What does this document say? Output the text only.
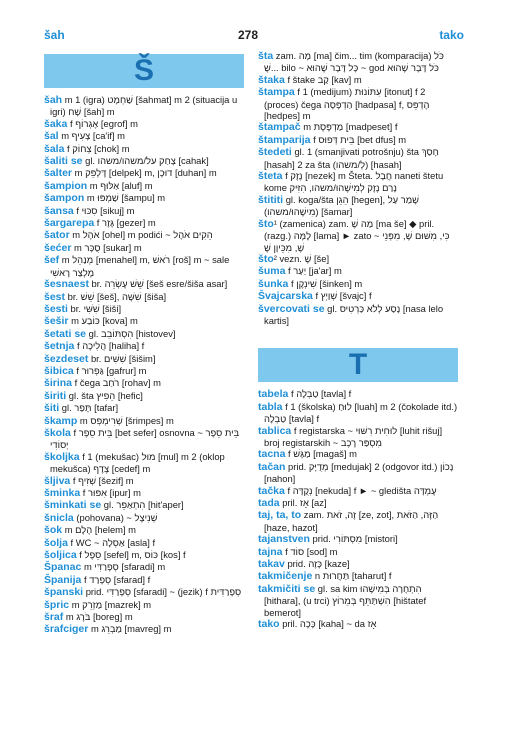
šah	278	tako
Š

šah m 1 (igra) שַׁחְמָט [šahmat] m 2 (situacija u igri) שָׁח [šah] m

šaka f אֶגְרוֹף [egrof] m

šal m צָעִיף [ca'if] m

šala f צְחוֹק [chok] m

šaliti se gl. צָחַק על/משהו/משהו [cahak]

šalter m דֶּלְפֵּק [delpek] m, דוּכָן [duhan] m

šampion m אַלּוּף [aluf] m

šampon m שַׁמְפּוּ [šampu] m

šansa f סִכּוּי [sikuj] m

šargarepa f גֶּזֶר [gezer] m

šator m אֹהֶל [ohel] m podići ~ הֵקִים אֹהֶל

šećer m סֻכָּר [sukar] m

šef m מְנַהֵל [menahel] m, רֹאשׁ [roš] m ~ sale מֶלְצַר רָאשִׁי

šesnaest br. שֵׁשׁ עֶשְׂרֵה [šeš esre/šiša asar]

šest br. שֵׁשׁ [šeš], שִׁשָּׁה [šiša]

šesti br. שִׁשִּׁי [šiši]

šešir m כּוֹבַע [kova] m

šetati se gl. הִסְתּוֹבֵב [histovev]

šetnja f הֲלִיכָה [haliha] f

šezdeset br. שִׁשִּׁים [šišim]

šibica f גַּפְרוּר [gafrur] m

širina f čega רֹחַב [rohav] m

širiti gl. šta הֵפִיץ [hefic]

šiti gl. תָּפַר [tafar]

škamp m שְׁרִימְפְּס [šrimpes] m

škola f בֵּית סֵפֶר [bet sefer] osnovna ~ בֵּית סֵפֶר יְסוֹדִי

školjka f 1 (mekušac) מוּל [mul] m 2 (oklop mekušca) צֶדֶף [cedef] m

šljiva f שְׁזִיף [šezif] m

šminka f אִפּוּר [ipur] m

šminkati se gl. הִתְאַפֵּר [hit'aper]

šnicla (pohovana) ~ שְׁנִיצֶל

šok m הֶלֶם [helem] m

šolja f WC ~ אַסְלָה [asla] f

šoljica f סֵפֶל [sefel] m, כּוֹס [kos] f

Španac m סְפָרַדִּי [sfaradi] m

Španija f סְפָרַד [sfarad] f

španski prid. סְפָרַדִּי [sfaradi] ~ (jezik) f סְפָרַדִּית

špric m מַזְרֵק [mazrek] m

šraf m בֹּרֶג [boreg] m

šrafciger m מַבְרֵג [mavreg] m

šta zam. מָה [ma] čim... tim (komparacija) כֹּל שֶׁ... bilo ~ כָּל דָּבָר שֶׁהוּא ~ god כֹּל דָּבָר שֶׁהוּא

štaka f štake קַב [kav] m

štampa f 1 (medijum) עִתּוֹנוּת [itonut] f 2 (proces) čega הַדְפָּסָה [hadpasa] f, הֶדְפֵּס [hedpes] m

štampač m מַדְפֶּסֶת [madpeset] f

štamparija f בֵּית דְּפוּס [bet dfus] m

štedeti gl. 1 (smanjivati potrošnju) šta חָסַךְ [hasah] 2 za šta (לְ/משהו) [hasah]

šteta f נֶזֶק [nezek] m Šteta. חֲבָל naneti štetu kome נָרַם נֶזֶק לְמִישֶׁהוּ/משהו, הִזִּיק

štititi gl. koga/šta הֵגֵן [hegen], שָׁמַר עַל (מִישֶׁהוּ/משהו) [šamar]

što¹ (zamenica) zam. מַה שֶׁ [ma še] ◆ pril. (razg.) לָמָּה [lama] ► zato ~ כִּי, מִשּׁוּם שֶׁ, מִפְּנֵי שֶׁ, מִכֵּיוָן שֶׁ

što² vezn. שֶׁ [še]

šuma f יַעַר [ja'ar] m

šunka f שִׁינְקֶן [šinken] m

Švajcarska f שְׁוַיְץ [švajc] f

švercovati se gl. נָסַע לְלֹא כַּרְטִיס [nasa lelo kartis]

T

tabela f טַבְלָה [tavla] f

tabla f 1 (školska) לוּחַ [luah] m 2 (čokolade itd.) טַבְלָה [tavla] f

tablica f registarska ~ לוּחִית רִשּׁוּי [luhit rišuj] broj registarskih ~ מִסְפַּר רֶכֶב

tacna f מַגָּשׁ [magaš] m

tačan prid. מְדֻיָּק [medujak] 2 (odgovor itd.) נָכוֹן [nahon]

tačka f נְקֻדָּה [nekuda] f ► ~ gledišta עֶמְדָּה

tada pril. אָז [az]

taj, ta, to zam. זֶה, זֹאת [ze, zot], הַזֶּה, הַזֹּאת [haze, hazot]

tajanstven prid. מִסְתּוֹרִי [mistori]

tajna f סוֹד [sod] m

takav prid. כָּזֶה [kaze]

takmičenje n תַּחֲרוּת [taharut] f

takmičiti se gl. sa kim הִתְחָרָה בְּמִישֶׁהוּ [hithara], (u trci) הִשְׁתַּתֵּף בְּמֵרוֹץ [hištatef bemerot]

tako pril. כָּכָה [kaha] ~ da אָז
